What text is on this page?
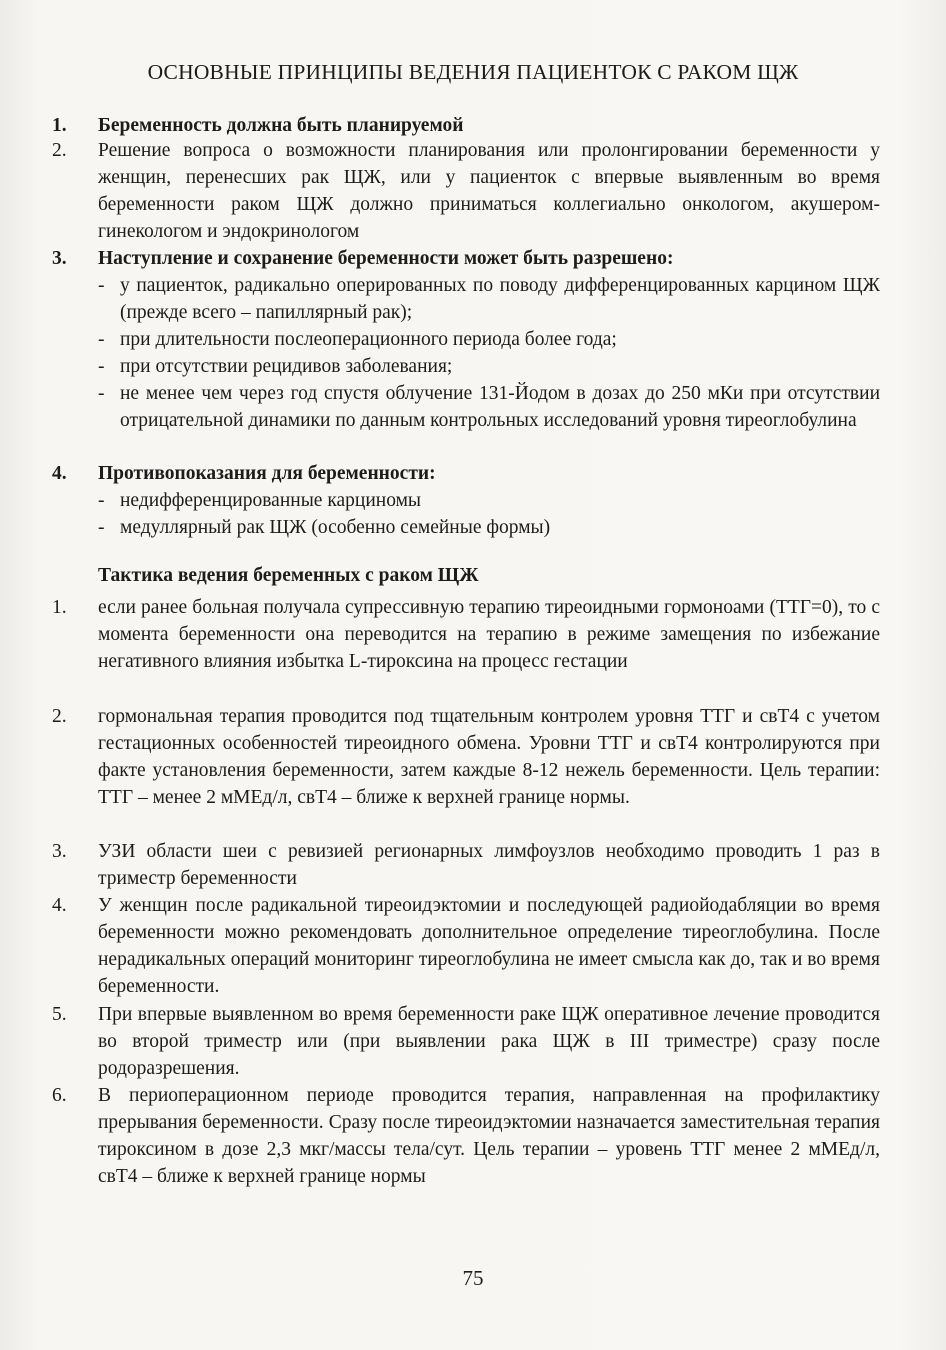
ОСНОВНЫЕ ПРИНЦИПЫ ВЕДЕНИЯ ПАЦИЕНТОК С РАКОМ ЩЖ
1. Беременность должна быть планируемой
2. Решение вопроса о возможности планирования или пролонгировании беременности у женщин, перенесших рак ЩЖ, или у пациенток с впервые выявленным во время беременности раком ЩЖ должно приниматься коллегиально онкологом, акушером-гинекологом и эндокринологом
3. Наступление и сохранение беременности может быть разрешено:
- у пациенток, радикально оперированных по поводу дифференцированных карцином ЩЖ (прежде всего – папиллярный рак);
- при длительности послеоперационного периода более года;
- при отсутствии рецидивов заболевания;
- не менее чем через год спустя облучение 131-Йодом в дозах до 250 мКи при отсутствии отрицательной динамики по данным контрольных исследований уровня тиреоглобулина
4. Противопоказания для беременности:
- недифференцированные карциномы
- медуллярный рак ЩЖ (особенно семейные формы)
Тактика ведения беременных с раком ЩЖ
1. если ранее больная получала супрессивную терапию тиреоидными гормоноами (ТТГ=0), то с момента беременности она переводится на терапию в режиме замещения по избежание негативного влияния избытка L-тироксина на процесс гестации
2. гормональная терапия проводится под тщательным контролем уровня ТТГ и свТ4 с учетом гестационных особенностей тиреоидного обмена. Уровни ТТГ и свТ4 контролируются при факте установления беременности, затем каждые 8-12 нежель беременности. Цель терапии: ТТГ – менее 2 мМЕд/л, свТ4 – ближе к верхней границе нормы.
3. УЗИ области шеи с ревизией регионарных лимфоузлов необходимо проводить 1 раз в триместр беременности
4. У женщин после радикальной тиреоидэктомии и последующей радиойодабляции во время беременности можно рекомендовать дополнительное определение тиреоглобулина. После нерадикальных операций мониторинг тиреоглобулина не имеет смысла как до, так и во время беременности.
5. При впервые выявленном во время беременности раке ЩЖ оперативное лечение проводится во второй триместр или (при выявлении рака ЩЖ в III триместре) сразу после родоразрешения.
6. В периоперационном периоде проводится терапия, направленная на профилактику прерывания беременности. Сразу после тиреоидэктомии назначается заместительная терапия тироксином в дозе 2,3 мкг/массы тела/сут. Цель терапии – уровень ТТГ менее 2 мМЕд/л, свТ4 – ближе к верхней границе нормы
75
